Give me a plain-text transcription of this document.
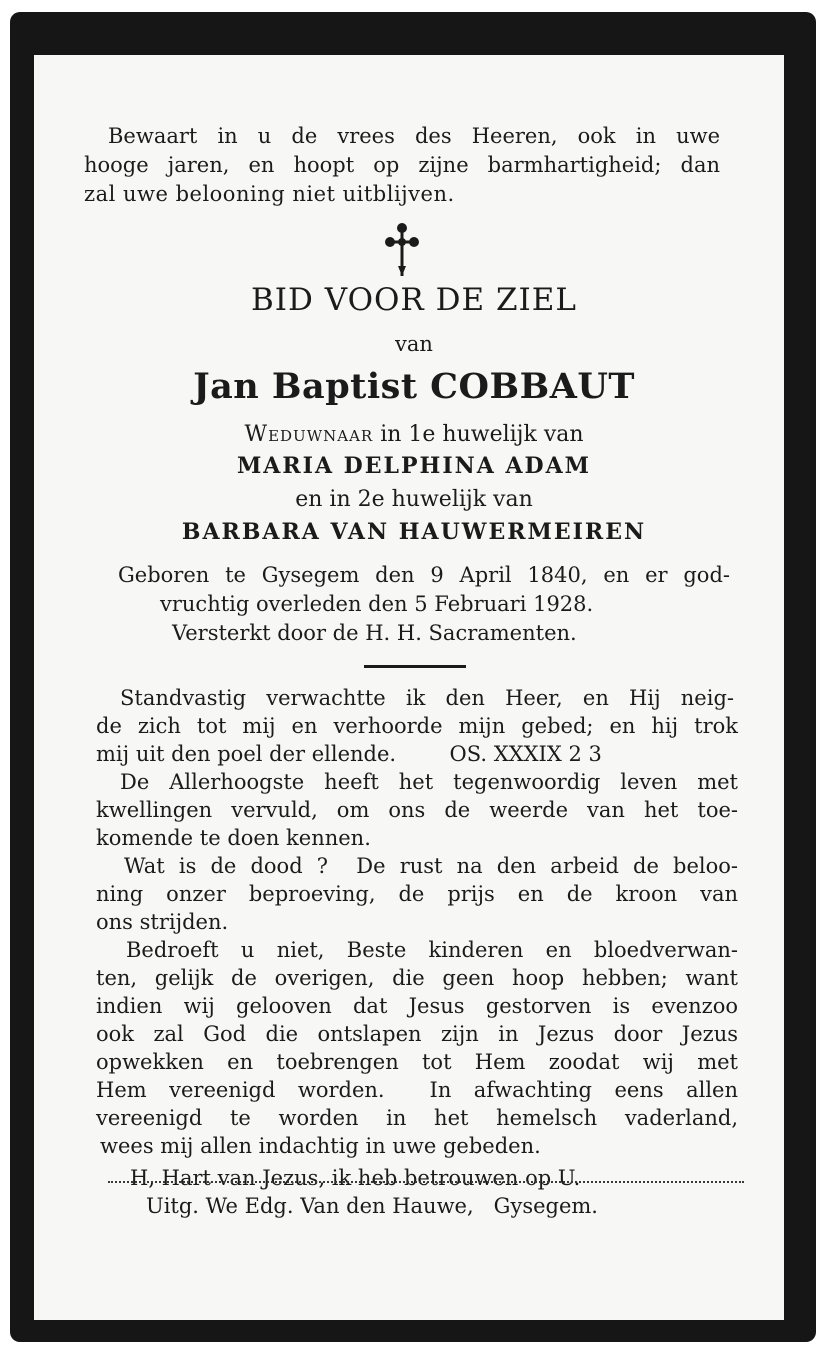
Bewaart in u de vrees des Heeren, ook in uwe
hooge jaren, en hoopt op zijne barmhartigheid; dan
zal uwe belooning niet uitblijven.
BID VOOR DE ZIEL
van
Jan Baptist COBBAUT
Weduwnaar in 1e huwelijk van
MARIA DELPHINA ADAM
en in 2e huwelijk van
BARBARA VAN HAUWERMEIREN
Geboren te Gysegem den 9 April 1840, en er god-
vruchtig overleden den 5 Februari 1928.
Versterkt door de H. H. Sacramenten.
Standvastig verwachtte ik den Heer, en Hij neig-
de zich tot mij en verhoorde mijn gebed; en hij trok
mij uit den poel der ellende.        OS. XXXIX 2 3
De Allerhoogste heeft het tegenwoordig leven met
kwellingen vervuld, om ons de weerde van het toe-
komende te doen kennen.
Wat is de dood ?  De rust na den arbeid de beloo-
ning onzer beproeving, de prijs en de kroon van
ons strijden.
Bedroeft u niet, Beste kinderen en bloedverwan-
ten, gelijk de overigen, die geen hoop hebben; want
indien wij gelooven dat Jesus gestorven is evenzoo
ook zal God die ontslapen zijn in Jezus door Jezus
opwekken en toebrengen tot Hem zoodat wij met
Hem vereenigd worden.  In afwachting eens allen
vereenigd te worden in het hemelsch vaderland,
wees mij allen indachtig in uwe gebeden.
H, Hart van Jezus, ik heb betrouwen op U.
Uitg. We Edg. Van den Hauwe,   Gysegem.
